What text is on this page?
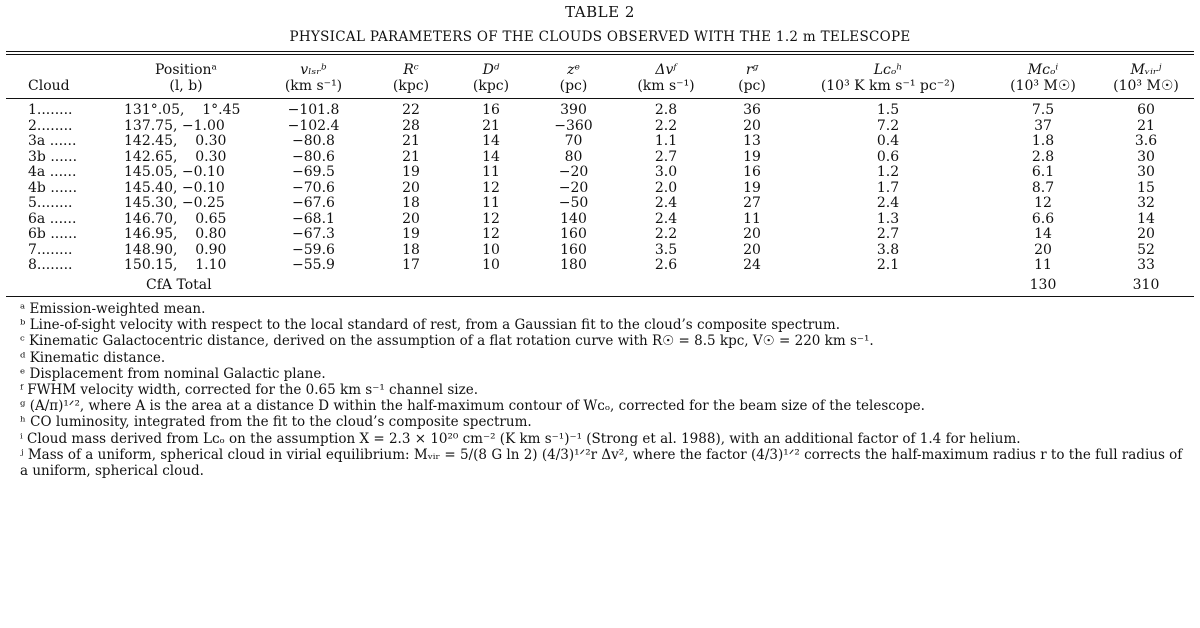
TABLE 2
PHYSICAL PARAMETERS OF THE CLOUDS OBSERVED WITH THE 1.2 m TELESCOPE
	Positionᵃ	vₗₛᵣᵇ	Rᶜ	Dᵈ	zᵉ	Δvᶠ	rᵍ	Lᴄₒʰ	Mᴄₒⁱ	Mᵥᵢᵣʲ
Cloud	(l, b)	(km s⁻¹)	(kpc)	(kpc)	(pc)	(km s⁻¹)	(pc)	(10³ K km s⁻¹ pc⁻²)	(10³ M☉)	(10³ M☉)

1........	131°.05,    1°.45	−101.8	22	16	390	2.8	36	1.5	7.5	60
2........	137.75, −1.00	−102.4	28	21	−360	2.2	20	7.2	37	21
3a ......	142.45,    0.30	−80.8	21	14	70	1.1	13	0.4	1.8	3.6
3b ......	142.65,    0.30	−80.6	21	14	80	2.7	19	0.6	2.8	30
4a ......	145.05, −0.10	−69.5	19	11	−20	3.0	16	1.2	6.1	30
4b ......	145.40, −0.10	−70.6	20	12	−20	2.0	19	1.7	8.7	15
5........	145.30, −0.25	−67.6	18	11	−50	2.4	27	2.4	12	32
6a ......	146.70,    0.65	−68.1	20	12	140	2.4	11	1.3	6.6	14
6b ......	146.95,    0.80	−67.3	19	12	160	2.2	20	2.7	14	20
7........	148.90,    0.90	−59.6	18	10	160	3.5	20	3.8	20	52
8........	150.15,    1.10	−55.9	17	10	180	2.6	24	2.1	11	33
	CfA Total								130	310
ᵃ Emission-weighted mean.
ᵇ Line-of-sight velocity with respect to the local standard of rest, from a Gaussian fit to the cloud’s composite spectrum.
ᶜ Kinematic Galactocentric distance, derived on the assumption of a flat rotation curve with R☉ = 8.5 kpc, V☉ = 220 km s⁻¹.
ᵈ Kinematic distance.
ᵉ Displacement from nominal Galactic plane.
ᶠ FWHM velocity width, corrected for the 0.65 km s⁻¹ channel size.
ᵍ (A/π)¹ᐟ², where A is the area at a distance D within the half-maximum contour of Wᴄₒ, corrected for the beam size of the telescope.
ʰ CO luminosity, integrated from the fit to the cloud’s composite spectrum.
ⁱ Cloud mass derived from Lᴄₒ on the assumption X = 2.3 × 10²⁰ cm⁻² (K km s⁻¹)⁻¹ (Strong et al. 1988), with an additional factor of 1.4 for helium.
ʲ Mass of a uniform, spherical cloud in virial equilibrium: Mᵥᵢᵣ = 5/(8 G ln 2) (4/3)¹ᐟ²r Δv², where the factor (4/3)¹ᐟ² corrects the half-maximum radius r to the full radius of a uniform, spherical cloud.
